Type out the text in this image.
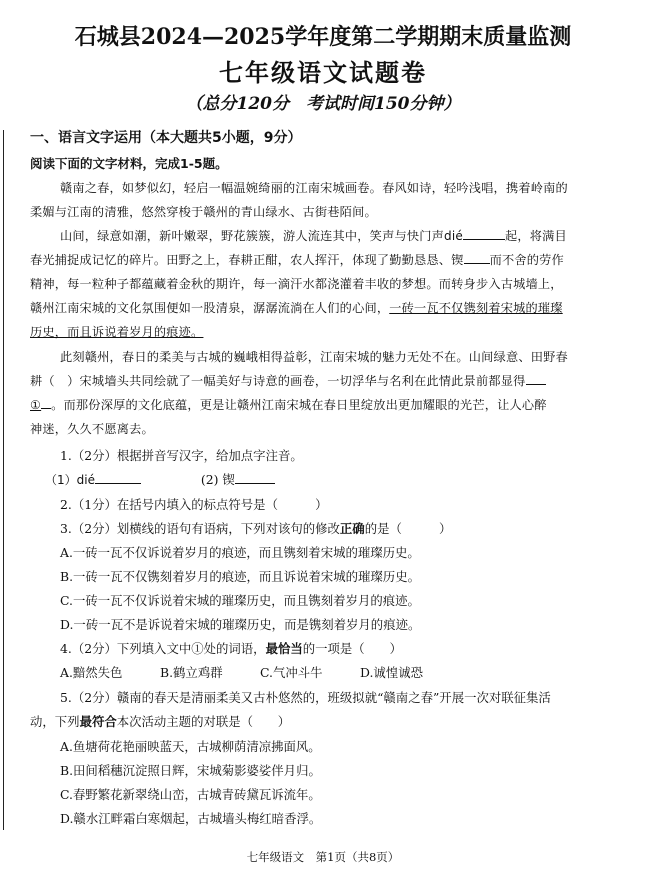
石城县2024—2025学年度第二学期期末质量监测
七年级语文试题卷
（总分120分　考试时间150分钟）
一、语言文字运用（本大题共5小题，9分）
阅读下面的文字材料，完成1-5题。
赣南之春，如梦似幻，轻启一幅温婉绮丽的江南宋城画卷。春风如诗，轻吟浅唱，携着岭南的
柔媚与江南的清雅，悠然穿梭于赣州的青山绿水、古街巷陌间。
山间，绿意如潮，新叶嫩翠，野花簇簇，游人流连其中，笑声与快门声dié	起，将满目
春光捕捉成记忆的碎片。田野之上，春耕正酣，农人挥汗，体现了勤勤恳恳、锲 而不舍的劳作
精神，每一粒种子都蕴藏着金秋的期许，每一滴汗水都浇灌着丰收的梦想。而转身步入古城墙上，
赣州江南宋城的文化氛围便如一股清泉，潺潺流淌在人们的心间，一砖一瓦不仅镌刻着宋城的璀璨
历史，而且诉说着岁月的痕迹。
此刻赣州，春日的柔美与古城的巍峨相得益彰，江南宋城的魅力无处不在。山间绿意、田野春
耕（　）宋城墙头共同绘就了一幅美好与诗意的画卷，一切浮华与名利在此情此景前都显得
① 。而那份深厚的文化底蕴，更是让赣州江南宋城在春日里绽放出更加耀眼的光芒，让人心醉
神迷，久久不愿离去。
1.（2分）根据拼音写汉字，给加点字注音。
（1）dié	(2) 锲
2.（1分）在括号内填入的标点符号是（　　　）
3.（2分）划横线的语句有语病，下列对该句的修改正确的是（　　　）
A.一砖一瓦不仅诉说着岁月的痕迹，而且镌刻着宋城的璀璨历史。
B.一砖一瓦不仅镌刻着岁月的痕迹，而且诉说着宋城的璀璨历史。
C.一砖一瓦不仅诉说着宋城的璀璨历史，而且镌刻着岁月的痕迹。
D.一砖一瓦不是诉说着宋城的璀璨历史，而是镌刻着岁月的痕迹。
4.（2分）下列填入文中①处的词语，最恰当的一项是（　　）
A.黯然失色	B.鹤立鸡群	C.气冲斗牛	D.诚惶诚恐
5.（2分）赣南的春天是清丽柔美又古朴悠然的，班级拟就“赣南之春”开展一次对联征集活
动，下列最符合本次活动主题的对联是（　　）
A.鱼塘荷花艳丽映蓝天，古城柳荫清凉拂面风。
B.田间稻穗沉淀照日辉，宋城菊影婆娑伴月归。
C.春野繁花新翠绕山峦，古城青砖黛瓦诉流年。
D.赣水江畔霜白寒烟起，古城墙头梅红暗香浮。
七年级语文　第1页（共8页）
